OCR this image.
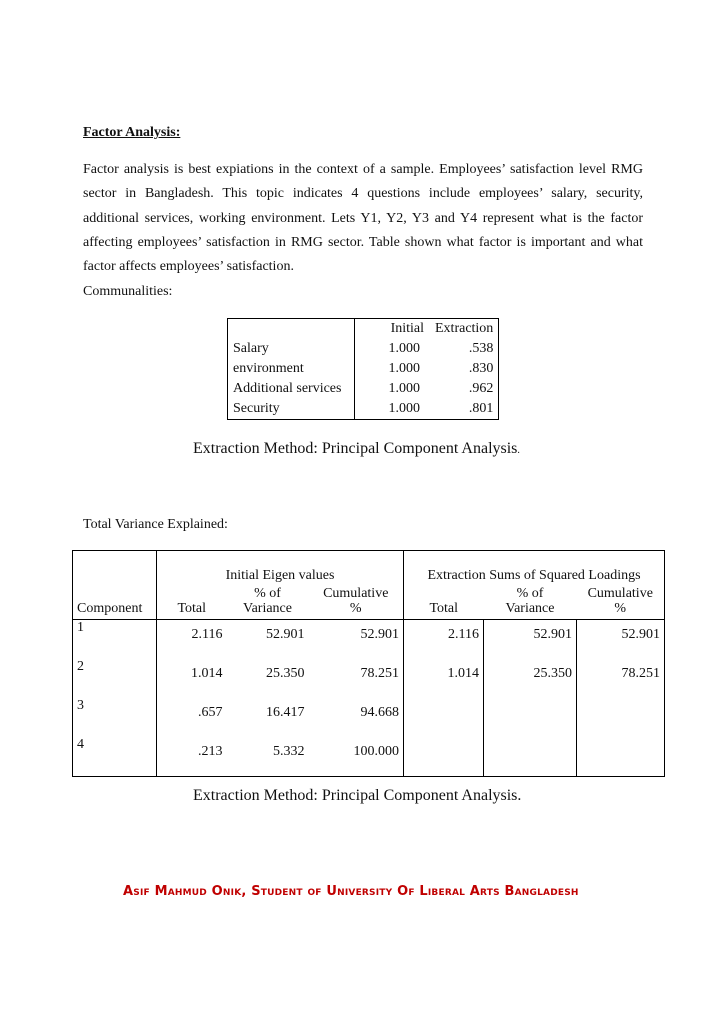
Factor Analysis:
Factor analysis is best expiations in the context of a sample. Employees’ satisfaction level RMG sector in Bangladesh. This topic indicates 4 questions include employees’ salary, security, additional services, working environment. Lets Y1, Y2, Y3 and Y4 represent what is the factor affecting employees’ satisfaction in RMG sector. Table shown what factor is important and what factor affects employees’ satisfaction.
Communalities:
	Initial	Extraction
Salary	1.000	.538
environment	1.000	.830
Additional services	1.000	.962
Security	1.000	.801
Extraction Method: Principal Component Analysis.
Total Variance Explained:
	Initial Eigen values			Extraction Sums of Squared Loadings		
		% of	Cumulative		% of	Cumulative
Component	Total	Variance	%	Total	Variance	%
1	2.116	52.901	52.901	2.116	52.901	52.901
2	1.014	25.350	78.251	1.014	25.350	78.251
3	.657	16.417	94.668			
4	.213	5.332	100.000			
Extraction Method: Principal Component Analysis.
Asif Mahmud Onik, Student of University Of Liberal Arts Bangladesh
